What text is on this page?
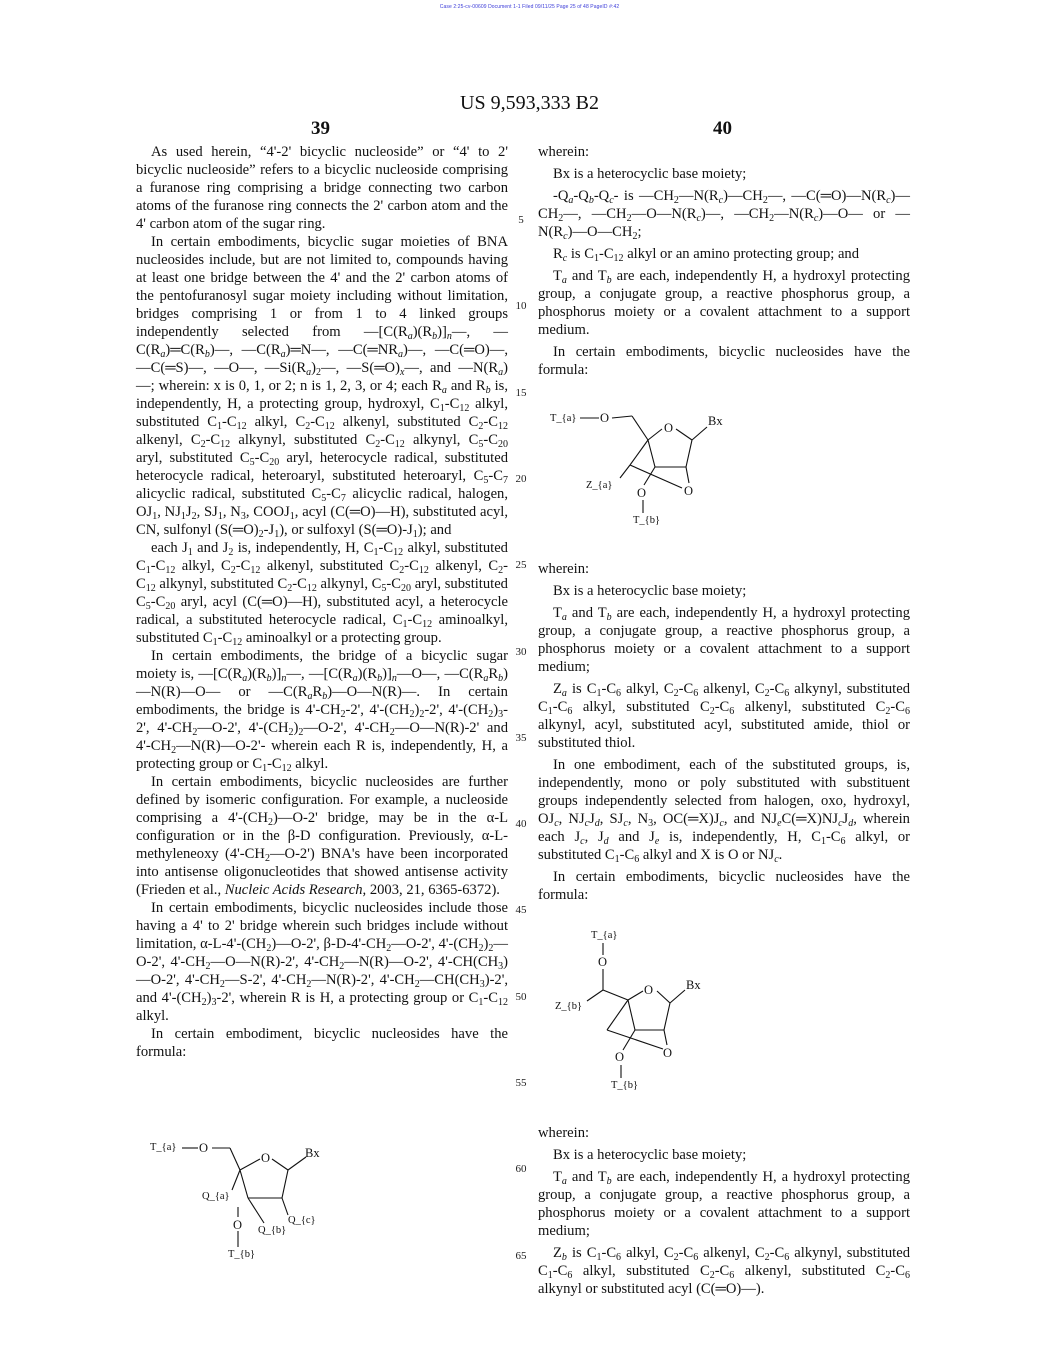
Case 2:25-cv-00609 Document 1-1 Filed 09/11/25 Page 25 of 48 PageID #:42
US 9,593,333 B2
39	40
5
10
15
20
25
30
35
40
45
50
55
60
65

As used herein, “4'-2' bicyclic nucleoside” or “4' to 2' bicyclic nucleoside” refers to a bicyclic nucleoside comprising a furanose ring comprising a bridge connecting two carbon atoms of the furanose ring connects the 2' carbon atom and the 4' carbon atom of the sugar ring.

In certain embodiments, bicyclic sugar moieties of BNA nucleosides include, but are not limited to, compounds having at least one bridge between the 4' and the 2' carbon atoms of the pentofuranosyl sugar moiety including without limitation, bridges comprising 1 or from 1 to 4 linked groups independently selected from $—[C(R_a)(R_b)]_n—$, $—C(R_a)═C(R_b)—$, $—C(R_a)═N—$, $—C(═NR_a)—$, —C(═O)—, —C(═S)—, —O—, $—Si(R_a)_2—$, $—S(═O)_x—$, and $—N(R_a)—$; wherein: x is 0, 1, or 2; n is 1, 2, 3, or 4; each $R_a$ and $R_b$ is, independently, H, a protecting group, hydroxyl, $C_1-C_{12}$ alkyl, substituted $C_1-C_{12}$ alkyl, $C_2-C_{12}$ alkenyl, substituted $C_2-C_{12}$ alkenyl, $C_2-C_{12}$ alkynyl, substituted $C_2-C_{12}$ alkynyl, $C_5-C_{20}$ aryl, substituted $C_5-C_{20}$ aryl, heterocycle radical, substituted heterocycle radical, heteroaryl, substituted heteroaryl, $C_5-C_7$ alicyclic radical, substituted $C_5-C_7$ alicyclic radical, halogen, $OJ_1$, $NJ_1J_2$, $SJ_1$, $N_3$, $COOJ_1$, acyl (C(═O)—H), substituted acyl, CN, sulfonyl $(S(═O)_2-J_1)$, or sulfoxyl $(S(═O)-J_1)$; and

each $J_1$ and $J_2$ is, independently, H, $C_1-C_{12}$ alkyl, substituted $C_1-C_{12}$ alkyl, $C_2-C_{12}$ alkenyl, substituted $C_2-C_{12}$ alkenyl, $C_2-C_{12}$ alkynyl, substituted $C_2-C_{12}$ alkynyl, $C_5-C_{20}$ aryl, substituted $C_5-C_{20}$ aryl, acyl (C(═O)—H), substituted acyl, a heterocycle radical, a substituted heterocycle radical, $C_1-C_{12}$ aminoalkyl, substituted $C_1-C_{12}$ aminoalkyl or a protecting group.

In certain embodiments, the bridge of a bicyclic sugar moiety is, $—[C(R_a)(R_b)]_n—$, $—[C(R_a)(R_b)]_n—O—$, $—C(R_aR_b)—N(R)—O—$ or $—C(R_aR_b)—O—N(R)—$. In certain embodiments, the bridge is $4'-CH_2-2'$, $4'-(CH_2)_2-2'$, $4'-(CH_2)_3-2'$, $4'-CH_2—O-2'$, $4'-(CH_2)_2—O-2'$, $4'-CH_2—O—N(R)-2'$ and $4'-CH_2—N(R)—O-2'-$ wherein each R is, independently, H, a protecting group or $C_1-C_{12}$ alkyl.

In certain embodiments, bicyclic nucleosides are further defined by isomeric configuration. For example, a nucleoside comprising a $4'-(CH_2)—O-2'$ bridge, may be in the α-L configuration or in the β-D configuration. Previously, α-L-methyleneoxy $(4'-CH_2—O-2')$ BNA's have been incorporated into antisense oligonucleotides that showed antisense activity (Frieden et al., Nucleic Acids Research, 2003, 21, 6365-6372).

In certain embodiments, bicyclic nucleosides include those having a 4' to 2' bridge wherein such bridges include without limitation, $\alpha-L-4'-(CH_2)—O-2'$, $\beta-D-4'-CH_2—O-2'$, $4'-(CH_2)_2—O-2'$, $4'-CH_2—O—N(R)-2'$, $4'-CH_2—N(R)—O-2'$, $4'-CH(CH_3)—O-2'$, $4'-CH_2—S-2'$, $4'-CH_2—N(R)-2'$, $4'-CH_2—CH(CH_3)-2'$, and $4'-(CH_2)_3-2'$, wherein R is H, a protecting group or $C_1-C_{12}$ alkyl.

In certain embodiment, bicyclic nucleosides have the formula:

wherein:

Bx is a heterocyclic base moiety;

$-Q_a-Q_b-Q_c-$ is $—CH_2—N(R_c)—CH_2—$, $—C(═O)—N(R_c)—CH_2—$, $—CH_2—O—N(R_c)—$, $—CH_2—N(R_c)—O—$ or $—N(R_c)—O—CH_2$;

$R_c$ is $C_1-C_{12}$ alkyl or an amino protecting group; and

$T_a$ and $T_b$ are each, independently H, a hydroxyl protecting group, a conjugate group, a reactive phosphorus group, a phosphorus moiety or a covalent attachment to a support medium.

In certain embodiments, bicyclic nucleosides have the formula:

wherein:

Bx is a heterocyclic base moiety;

$T_a$ and $T_b$ are each, independently H, a hydroxyl protecting group, a conjugate group, a reactive phosphorus group, a phosphorus moiety or a covalent attachment to a support medium;

$Z_a$ is $C_1-C_6$ alkyl, $C_2-C_6$ alkenyl, $C_2-C_6$ alkynyl, substituted $C_1-C_6$ alkyl, substituted $C_2-C_6$ alkenyl, substituted $C_2-C_6$ alkynyl, acyl, substituted acyl, substituted amide, thiol or substituted thiol.

In one embodiment, each of the substituted groups, is, independently, mono or poly substituted with substituent groups independently selected from halogen, oxo, hydroxyl, $OJ_c$, $NJ_cJ_d$, $SJ_c$, $N_3$, $OC(═X)J_c$, and $NJ_eC(═X)NJ_cJ_d$, wherein each $J_c$, $J_d$ and $J_e$ is, independently, H, $C_1-C_6$ alkyl, or substituted $C_1-C_6$ alkyl and X is O or $NJ_c$.

In certain embodiments, bicyclic nucleosides have the formula:

wherein:

Bx is a heterocyclic base moiety;

$T_a$ and $T_b$ are each, independently H, a hydroxyl protecting group, a conjugate group, a reactive phosphorus group, a phosphorus moiety or a covalent attachment to a support medium;

$Z_b$ is $C_1-C_6$ alkyl, $C_2-C_6$ alkenyl, $C_2-C_6$ alkynyl, substituted $C_1-C_6$ alkyl, substituted $C_2-C_6$ alkenyl, substituted $C_2-C_6$ alkynyl or substituted acyl (C(═O)—).

T_{a} O
O	Bx
Q_{a}
O Q_{b}
Q_{c}
T_{b}
T_{a} O
O	Bx
Z_{a}
O	O
T_{b}
T_{a}
O
Z_{b}
O	Bx
O	O
T_{b}
